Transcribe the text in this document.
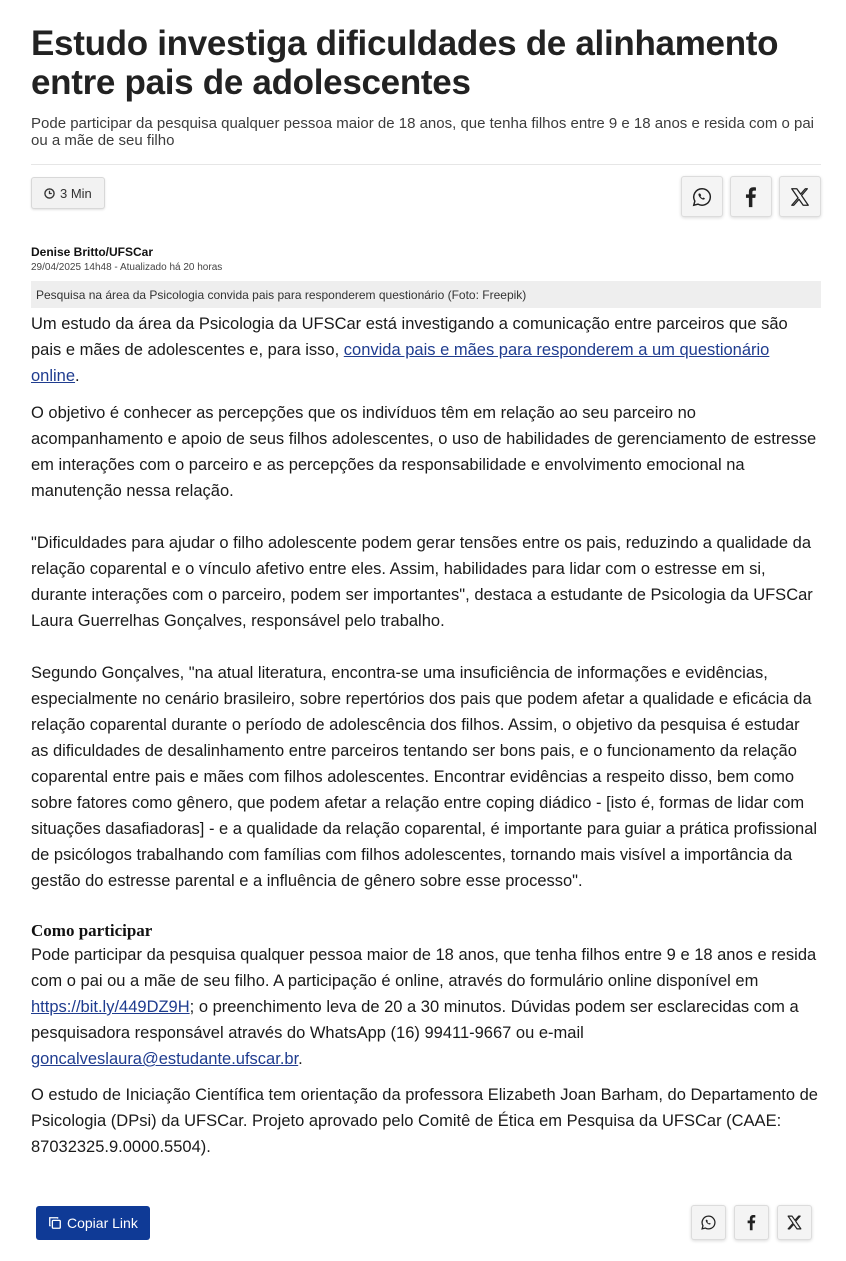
Estudo investiga dificuldades de alinhamento entre pais de adolescentes

Pode participar da pesquisa qualquer pessoa maior de 18 anos, que tenha filhos entre 9 e 18 anos e resida com o pai ou a mãe de seu filho

3 Min
Denise Britto/UFSCar
29/04/2025 14h48 - Atualizado há 20 horas
Pesquisa na área da Psicologia convida pais para responderem questionário (Foto: Freepik)

Um estudo da área da Psicologia da UFSCar está investigando a comunicação entre parceiros que são pais e mães de adolescentes e, para isso, convida pais e mães para responderem a um questionário online.

O objetivo é conhecer as percepções que os indivíduos têm em relação ao seu parceiro no acompanhamento e apoio de seus filhos adolescentes, o uso de habilidades de gerenciamento de estresse em interações com o parceiro e as percepções da responsabilidade e envolvimento emocional na manutenção nessa relação.

"Dificuldades para ajudar o filho adolescente podem gerar tensões entre os pais, reduzindo a qualidade da relação coparental e o vínculo afetivo entre eles. Assim, habilidades para lidar com o estresse em si, durante interações com o parceiro, podem ser importantes", destaca a estudante de Psicologia da UFSCar Laura Guerrelhas Gonçalves, responsável pelo trabalho.

Segundo Gonçalves, "na atual literatura, encontra-se uma insuficiência de informações e evidências, especialmente no cenário brasileiro, sobre repertórios dos pais que podem afetar a qualidade e eficácia da relação coparental durante o período de adolescência dos filhos. Assim, o objetivo da pesquisa é estudar as dificuldades de desalinhamento entre parceiros tentando ser bons pais, e o funcionamento da relação coparental entre pais e mães com filhos adolescentes. Encontrar evidências a respeito disso, bem como sobre fatores como gênero, que podem afetar a relação entre coping diádico - [isto é, formas de lidar com situações dasafiadoras] - e a qualidade da relação coparental, é importante para guiar a prática profissional de psicólogos trabalhando com famílias com filhos adolescentes, tornando mais visível a importância da gestão do estresse parental e a influência de gênero sobre esse processo".

Como participar

Pode participar da pesquisa qualquer pessoa maior de 18 anos, que tenha filhos entre 9 e 18 anos e resida com o pai ou a mãe de seu filho. A participação é online, através do formulário online disponível em https://bit.ly/449DZ9H; o preenchimento leva de 20 a 30 minutos. Dúvidas podem ser esclarecidas com a pesquisadora responsável através do WhatsApp (16) 99411-9667 ou e-mail goncalveslaura@estudante.ufscar.br.

O estudo de Iniciação Científica tem orientação da professora Elizabeth Joan Barham, do Departamento de Psicologia (DPsi) da UFSCar. Projeto aprovado pelo Comitê de Ética em Pesquisa da UFSCar (CAAE: 87032325.9.0000.5504).

Copiar Link
